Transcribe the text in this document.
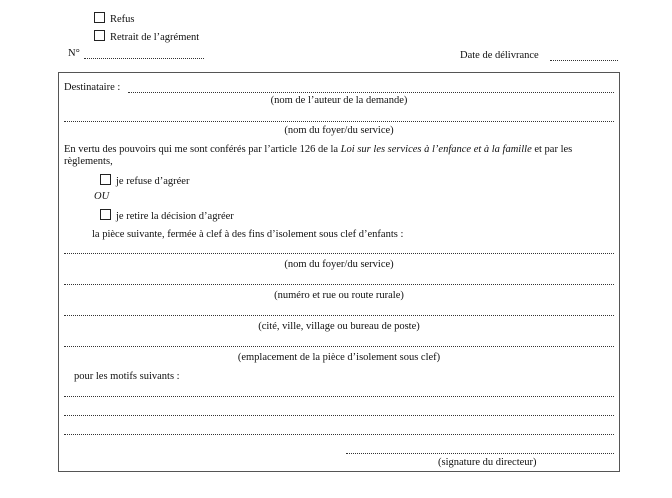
Refus
Retrait de l’agrément
N°	Date de délivrance
Destinataire :
(nom de l’auteur de la demande)
(nom du foyer/du service)
En vertu des pouvoirs qui me sont conférés par l’article 126 de la Loi sur les services à l’enfance et à la famille et par les
règlements,
je refuse d’agréer
OU
je retire la décision d’agréer
la pièce suivante, fermée à clef à des fins d’isolement sous clef d’enfants :
(nom du foyer/du service)
(numéro et rue ou route rurale)
(cité, ville, village ou bureau de poste)
(emplacement de la pièce d’isolement sous clef)
pour les motifs suivants :
(signature du directeur)
